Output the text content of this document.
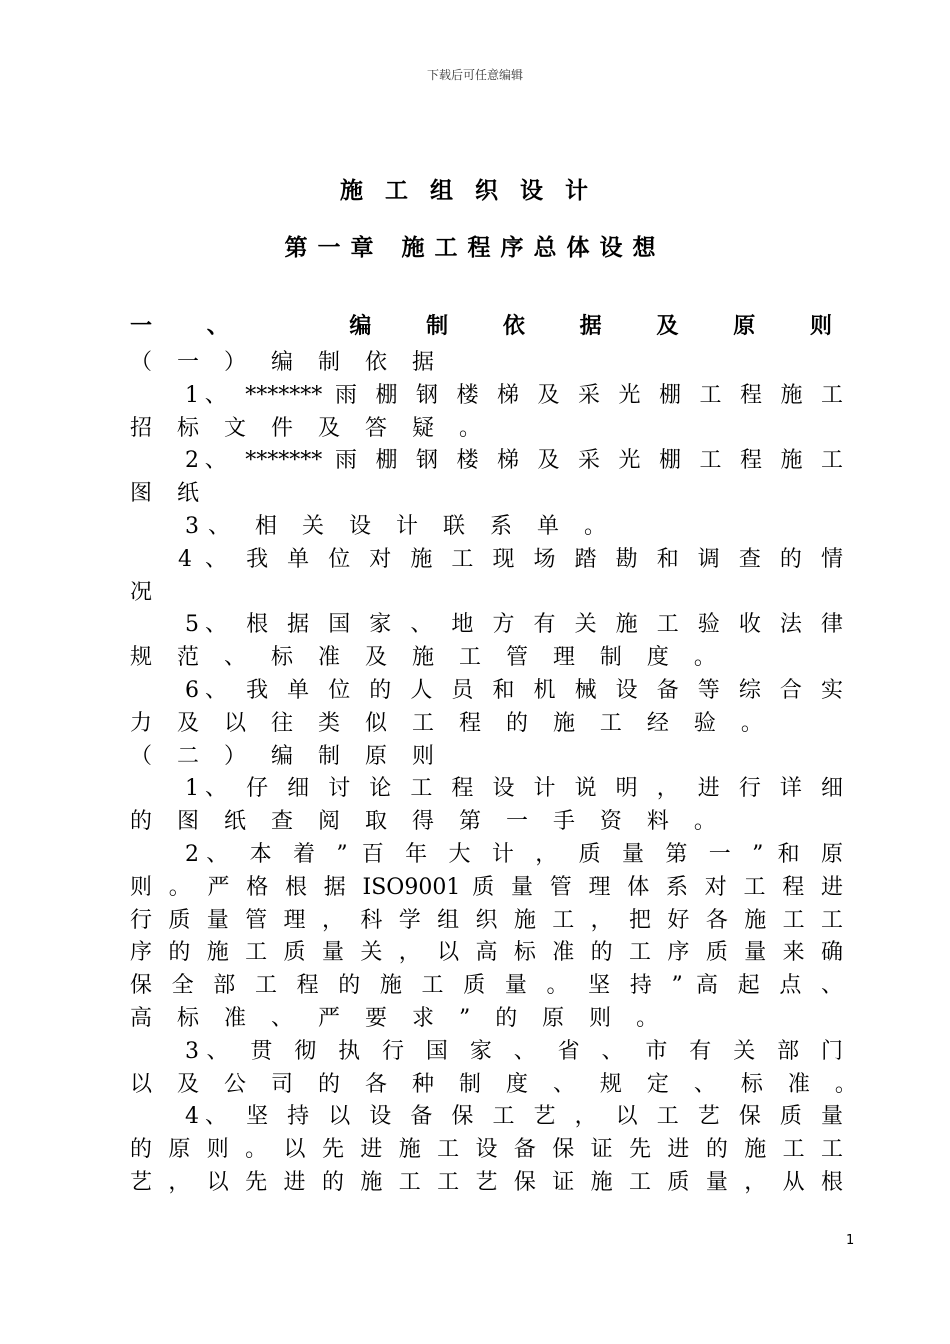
下载后可任意编辑
施工组织设计
第一章 施工程序总体设想
一、　编制依据及原则
（ 一 ） 编 制 依 据
1、 ******* 雨 棚 钢 楼 梯 及 采 光 棚 工 程 施 工
招 标 文 件 及 答 疑 。
2、 ******* 雨 棚 钢 楼 梯 及 采 光 棚 工 程 施 工
图 纸
3、 相 关 设 计 联 系 单 。
4 、 我 单 位 对 施 工 现 场 踏 勘 和 调 查 的 情
况
5、 根 据 国 家 、 地 方 有 关 施 工 验 收 法 律
规 范 、 标 准 及 施 工 管 理 制 度 。
6、 我 单 位 的 人 员 和 机 械 设 备 等 综 合 实
力 及 以 往 类 似 工 程 的 施 工 经 验 。
（ 二 ） 编 制 原 则
1、 仔 细 讨 论 工 程 设 计 说 明 ， 进 行 详 细
的 图 纸 查 阅 取 得 第 一 手 资 料 。
2、 本 着 ” 百 年 大 计 ， 质 量 第 一 ” 和 原
则 。 严 格 根 据 ISO9001 质 量 管 理 体 系 对 工 程 进
行 质 量 管 理 ， 科 学 组 织 施 工 ， 把 好 各 施 工 工
序 的 施 工 质 量 关 ， 以 高 标 准 的 工 序 质 量 来 确
保 全 部 工 程 的 施 工 质 量 。 坚 持 ” 高 起 点 、
高 标 准 、 严 要 求 ” 的 原 则 。
3、 贯 彻 执 行 国 家 、 省 、 市 有 关 部 门
以 及 公 司 的 各 种 制 度 、 规 定 、 标 准 。
4、 坚 持 以 设 备 保 工 艺 ， 以 工 艺 保 质 量
的 原 则 。 以 先 进 施 工 设 备 保 证 先 进 的 施 工 工
艺 ， 以 先 进 的 施 工 工 艺 保 证 施 工 质 量 ， 从 根
1
